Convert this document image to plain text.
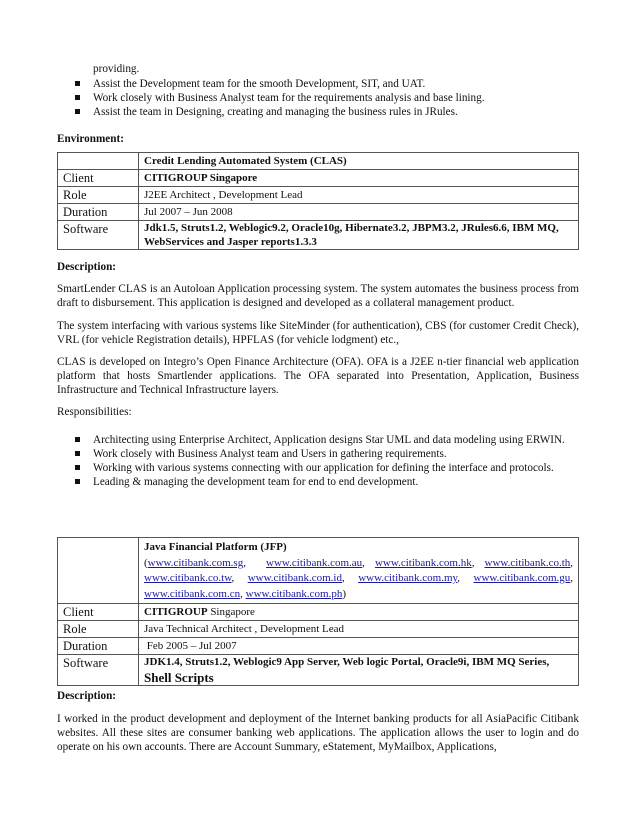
providing.
Assist the Development team for the smooth Development, SIT, and UAT.
Work closely with Business Analyst team for the requirements analysis and base lining.
Assist the team in Designing, creating and managing the business rules in JRules.
Environment:
	Credit Lending Automated System (CLAS)
Client	CITIGROUP Singapore
Role	J2EE Architect , Development Lead
Duration	Jul 2007 – Jun 2008
Software	Jdk1.5, Struts1.2, Weblogic9.2, Oracle10g, Hibernate3.2, JBPM3.2, JRules6.6, IBM MQ, WebServices and Jasper reports1.3.3
Description:
SmartLender CLAS is an Autoloan Application processing system. The system automates the business process from draft to disbursement. This application is designed and developed as a collateral management product.
The system interfacing with various systems like SiteMinder (for authentication), CBS (for customer Credit Check), VRL (for vehicle Registration details), HPFLAS (for vehicle lodgment) etc.,
CLAS is developed on Integro’s Open Finance Architecture (OFA). OFA is a J2EE n-tier financial web application platform that hosts Smartlender applications. The OFA separated into Presentation, Application, Business Infrastructure and Technical Infrastructure layers.
Responsibilities:
Architecting using Enterprise Architect, Application designs Star UML and data modeling using ERWIN.
Work closely with Business Analyst team and Users in gathering requirements.
Working with various systems connecting with our application for defining the interface and protocols.
Leading & managing the development team for end to end development.

	Java Financial Platform (JFP)
(www.citibank.com.sg,    www.citibank.com.au,  www.citibank.com.hk,  www.citibank.co.th, www.citibank.co.tw,  www.citibank.com.id,  www.citibank.com.my,  www.citibank.com.gu, www.citibank.com.cn, www.citibank.com.ph)

Client	CITIGROUP Singapore
Role	Java Technical Architect , Development Lead
Duration	Feb 2005 – Jul 2007
Software	JDK1.4, Struts1.2, Weblogic9 App Server, Web logic Portal, Oracle9i, IBM MQ Series,
Shell Scripts
Description:
I worked in the product development and deployment of the Internet banking products for all AsiaPacific Citibank websites. All these sites are consumer banking web applications. The application allows the user to login and do operate on his own accounts. There are Account Summary, eStatement, MyMailbox, Applications,
